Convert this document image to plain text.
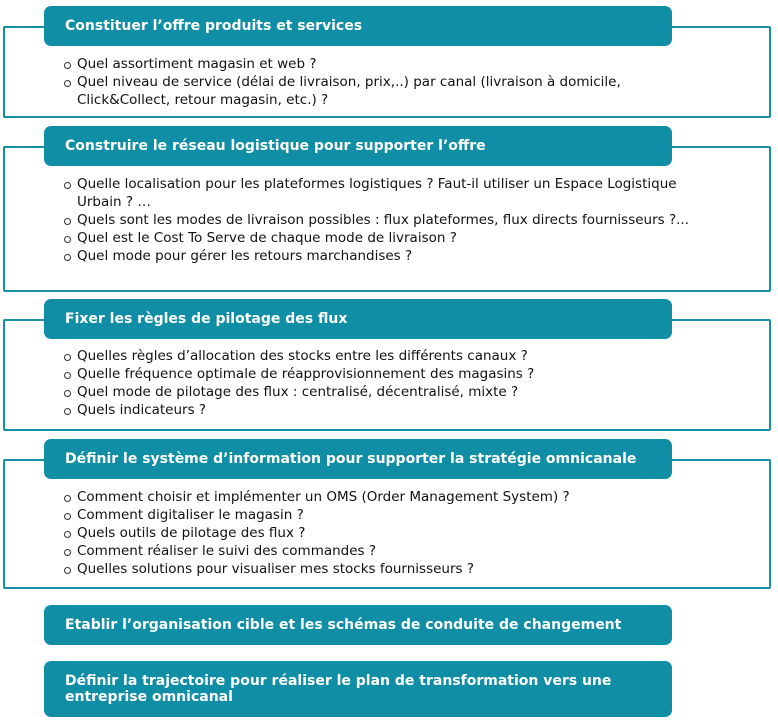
Constituer l’offre produits et services
Quel assortiment magasin et web ?
Quel niveau de service (délai de livraison, prix,..) par canal (livraison à domicile, Click&Collect, retour magasin, etc.) ?
Construire le réseau logistique pour supporter l’offre
Quelle localisation pour les plateformes logistiques ? Faut-il utiliser un Espace Logistique Urbain ? …
Quels sont les modes de livraison possibles : flux plateformes, flux directs fournisseurs ?...
Quel est le Cost To Serve de chaque mode de livraison ?
Quel mode pour gérer les retours marchandises ?
Fixer les règles de pilotage des flux
Quelles règles d’allocation des stocks entre les différents canaux ?
Quelle fréquence optimale de réapprovisionnement des magasins ?
Quel mode de pilotage des flux : centralisé, décentralisé, mixte ?
Quels indicateurs ?
Définir le système d’information pour supporter la stratégie omnicanale
Comment choisir et implémenter un OMS (Order Management System) ?
Comment digitaliser le magasin ?
Quels outils de pilotage des flux ?
Comment réaliser le suivi des commandes ?
Quelles solutions pour visualiser mes stocks fournisseurs ?
Etablir l’organisation cible et les schémas de conduite de changement
Définir la trajectoire pour réaliser le plan de transformation vers une entreprise omnicanal
